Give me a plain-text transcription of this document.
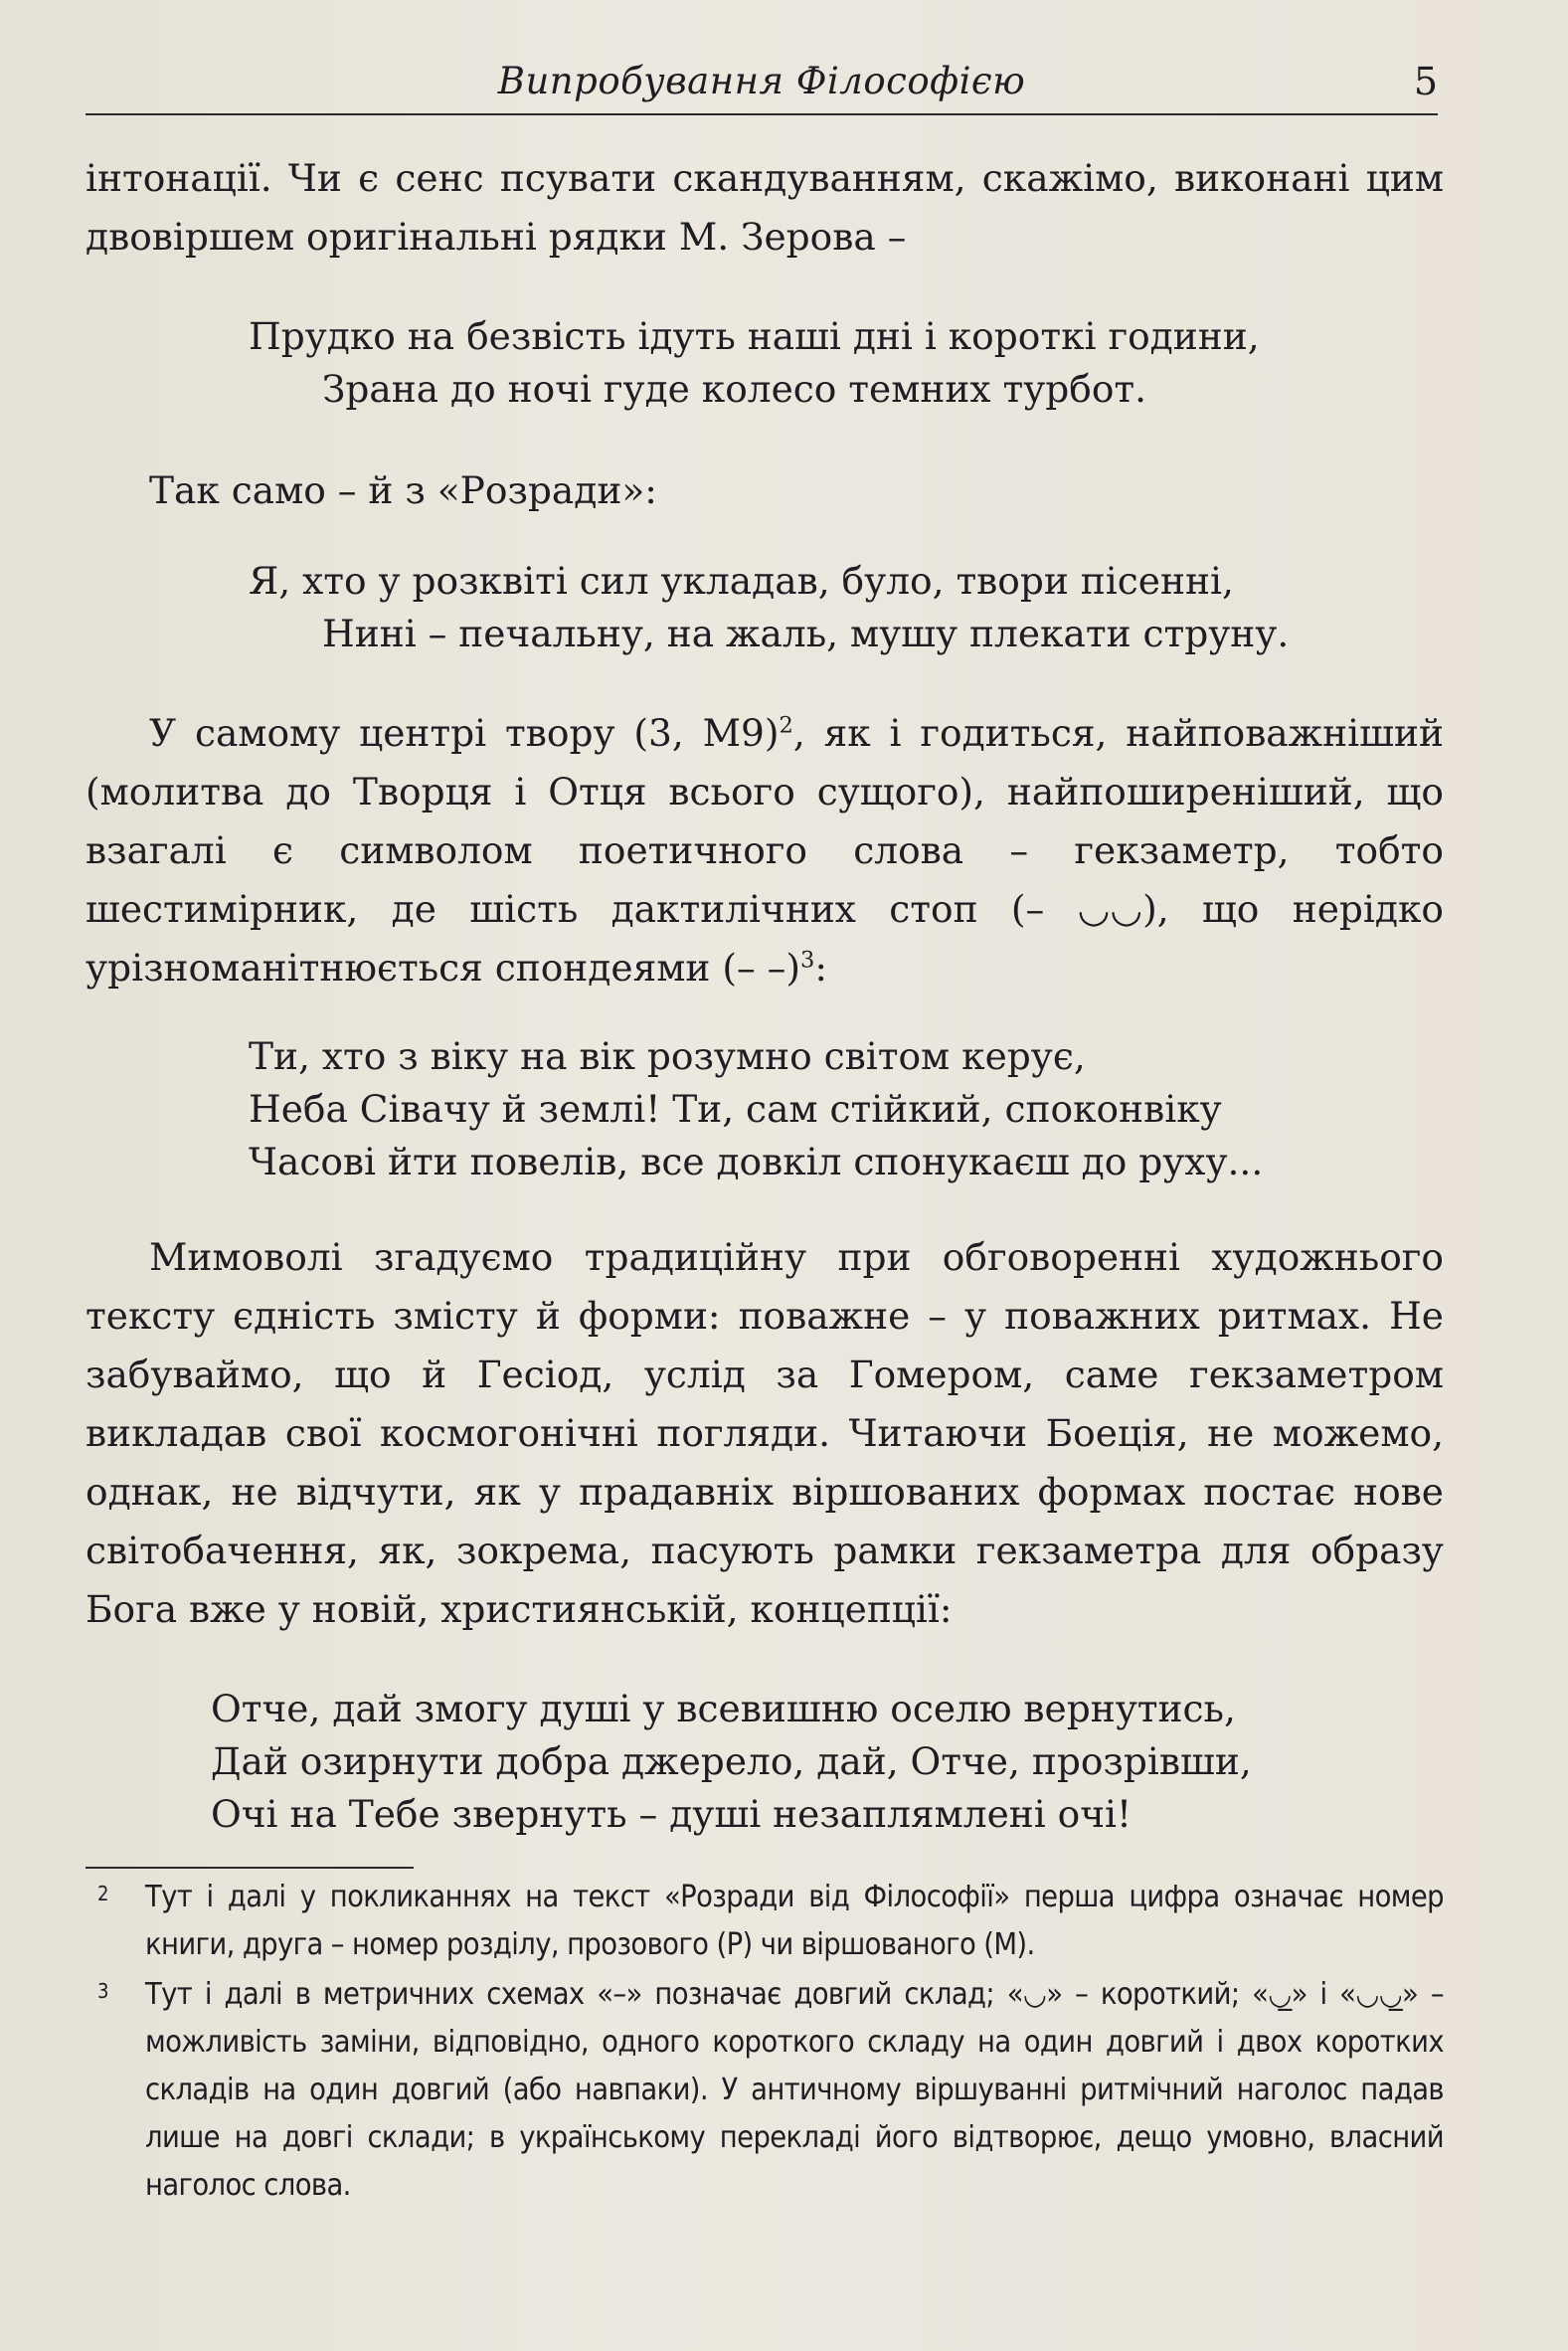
Випробування Філософією	5

інтонації. Чи є сенс псувати скандуванням, скажімо, виконані цим двовіршем оригінальні рядки М. Зерова –

Прудко на безвість ідуть наші дні і короткі години,
Зрана до ночі гуде колесо темних турбот.

Так само – й з «Розради»:

Я, хто у розквіті сил укладав, було, твори пісенні,
Нині – печальну, на жаль, мушу плекати струну.

У самому центрі твору (3, М9)$^2$, як і годиться, найповажніший (молитва до Творця і Отця всього сущого), найпоширеніший, що взагалі є символом поетичного слова – гекзаметр, тобто шестимірник, де шість дактилічних стоп (– ◡◡), що нерідко урізноманітнюється спондеями (– –)$^3$:

Ти, хто з віку на вік розумно світом керує,
Неба Сівачу й землі! Ти, сам стійкий, споконвіку
Часові йти повелів, все довкіл спонукаєш до руху...

Мимоволі згадуємо традиційну при обговоренні художнього тексту єдність змісту й форми: поважне – у поважних ритмах. Не забуваймо, що й Гесіод, услід за Гомером, саме гекзаметром викладав свої космогонічні погляди. Читаючи Боеція, не можемо, однак, не відчути, як у прадавніх віршованих формах постає нове світобачення, як, зокрема, пасують рамки гекзаметра для образу Бога вже у новій, християнській, концепції:

Отче, дай змогу душі у всевишню оселю вернутись,
Дай озирнути добра джерело, дай, Отче, прозрівши,
Очі на Тебе звернуть – душі незаплямлені очі!
2 Тут і далі у покликаннях на текст «Розради від Філософії» перша цифра означає номер книги, друга – номер розділу, прозового (Р) чи віршованого (М).
3 Тут і далі в метричних схемах «–» позначає довгий склад; «◡» – короткий; «◡̲» і «◡◡̲» – можливість заміни, відповідно, одного короткого складу на один довгий і двох коротких складів на один довгий (або навпаки). У античному віршуванні ритмічний наголос падав лише на довгі склади; в українському перекладі його відтворює, дещо умовно, власний наголос слова.
